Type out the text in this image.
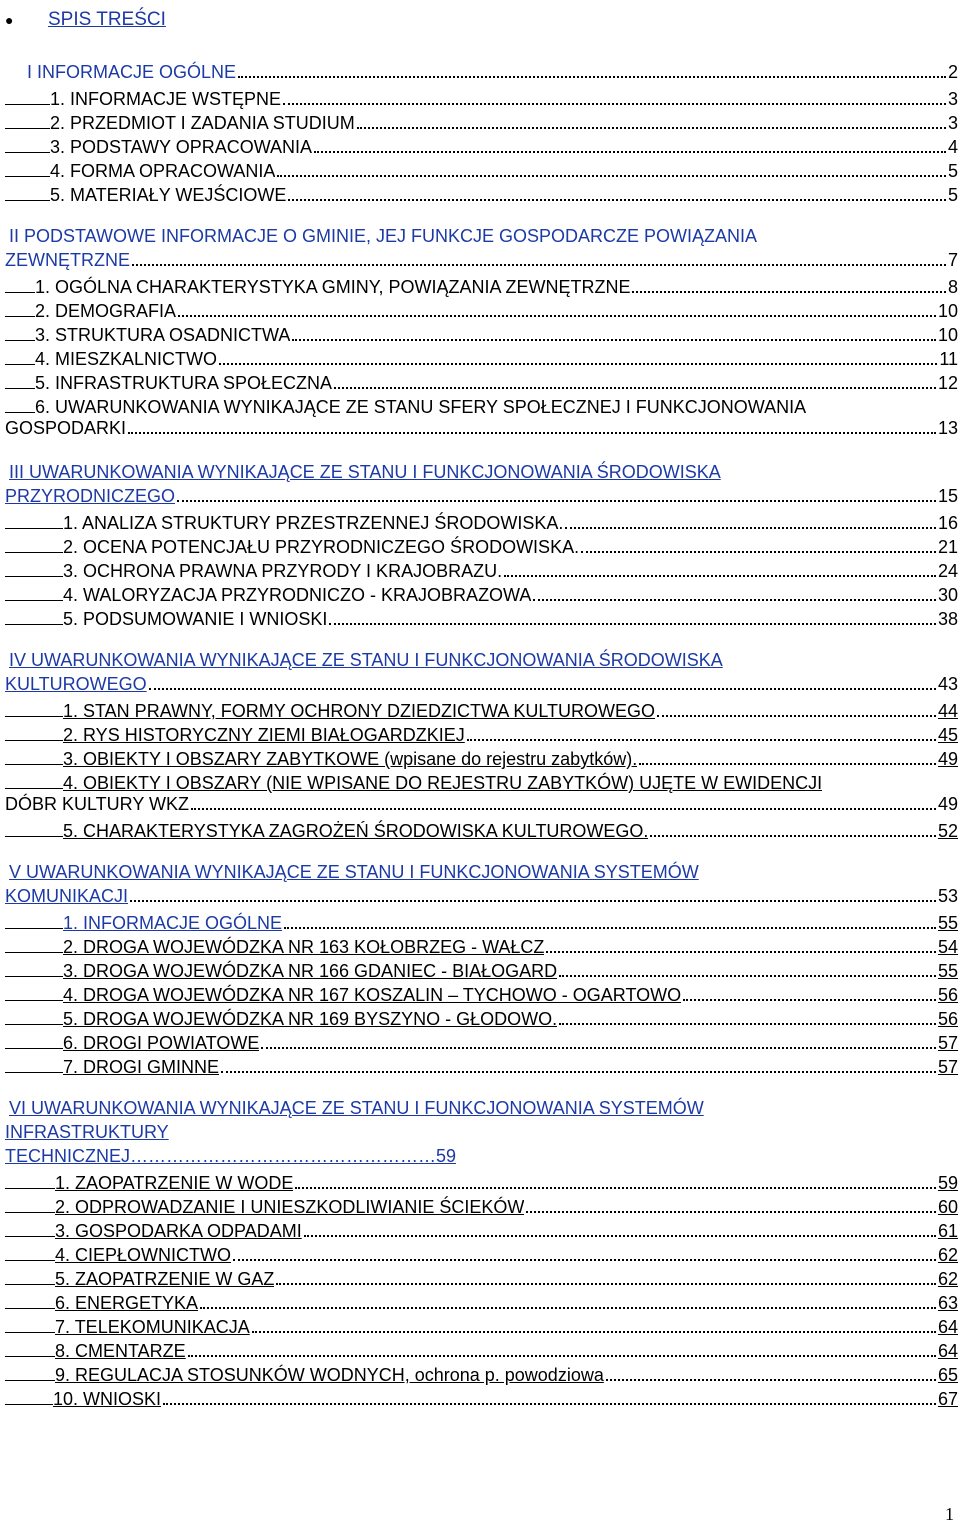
● SPIS TREŚCI
I INFORMACJE OGÓLNE	2
1. INFORMACJE WSTĘPNE	3
2. PRZEDMIOT I ZADANIA STUDIUM	3
3. PODSTAWY OPRACOWANIA	4
4. FORMA OPRACOWANIA	5
5. MATERIAŁY WEJŚCIOWE	5
II PODSTAWOWE INFORMACJE O GMINIE, JEJ FUNKCJE GOSPODARCZE POWIĄZANIA
ZEWNĘTRZNE	7
1. OGÓLNA CHARAKTERYSTYKA GMINY, POWIĄZANIA ZEWNĘTRZNE	8
2. DEMOGRAFIA	10
3. STRUKTURA OSADNICTWA	10
4. MIESZKALNICTWO	11
5. INFRASTRUKTURA SPOŁECZNA	12
6. UWARUNKOWANIA WYNIKAJĄCE ZE STANU SFERY SPOŁECZNEJ I FUNKCJONOWANIA
GOSPODARKI	13
III UWARUNKOWANIA WYNIKAJĄCE ZE STANU I FUNKCJONOWANIA ŚRODOWISKA
PRZYRODNICZEGO	15
1. ANALIZA STRUKTURY PRZESTRZENNEJ ŚRODOWISKA.	16
2. OCENA POTENCJAŁU PRZYRODNICZEGO ŚRODOWISKA.	21
3. OCHRONA PRAWNA PRZYRODY I KRAJOBRAZU.	24
4. WALORYZACJA PRZYRODNICZO - KRAJOBRAZOWA	30
5. PODSUMOWANIE I WNIOSKI	38
IV UWARUNKOWANIA WYNIKAJĄCE ZE STANU I FUNKCJONOWANIA ŚRODOWISKA
KULTUROWEGO	43
1. STAN PRAWNY, FORMY OCHRONY DZIEDZICTWA KULTUROWEGO	44
2. RYS HISTORYCZNY ZIEMI BIAŁOGARDZKIEJ	45
3. OBIEKTY I OBSZARY ZABYTKOWE (wpisane do rejestru zabytków).	49
4. OBIEKTY I OBSZARY (NIE WPISANE DO REJESTRU ZABYTKÓW) UJĘTE W EWIDENCJI
DÓBR KULTURY WKZ	49
5. CHARAKTERYSTYKA ZAGROŻEŃ ŚRODOWISKA KULTUROWEGO.	52
V UWARUNKOWANIA WYNIKAJĄCE ZE STANU I FUNKCJONOWANIA SYSTEMÓW
KOMUNIKACJI	53
1. INFORMACJE OGÓLNE	55
2. DROGA WOJEWÓDZKA NR 163 KOŁOBRZEG - WAŁCZ	54
3. DROGA WOJEWÓDZKA NR 166 GDANIEC - BIAŁOGARD	55
4. DROGA WOJEWÓDZKA NR 167 KOSZALIN – TYCHOWO - OGARTOWO	56
5. DROGA WOJEWÓDZKA NR 169 BYSZYNO - GŁODOWO.	56
6. DROGI POWIATOWE	57
7. DROGI GMINNE	57
VI UWARUNKOWANIA WYNIKAJĄCE ZE STANU I FUNKCJONOWANIA SYSTEMÓW
INFRASTRUKTURY
TECHNICZNEJ……………………………………………59
1. ZAOPATRZENIE W WODE	59
2. ODPROWADZANIE I UNIESZKODLIWIANIE ŚCIEKÓW	60
3. GOSPODARKA ODPADAMI	61
4. CIEPŁOWNICTWO	62
5. ZAOPATRZENIE W GAZ	62
6. ENERGETYKA	63
7. TELEKOMUNIKACJA	64
8. CMENTARZE	64
9. REGULACJA STOSUNKÓW WODNYCH, ochrona p. powodziowa	65
10. WNIOSKI	67
1
